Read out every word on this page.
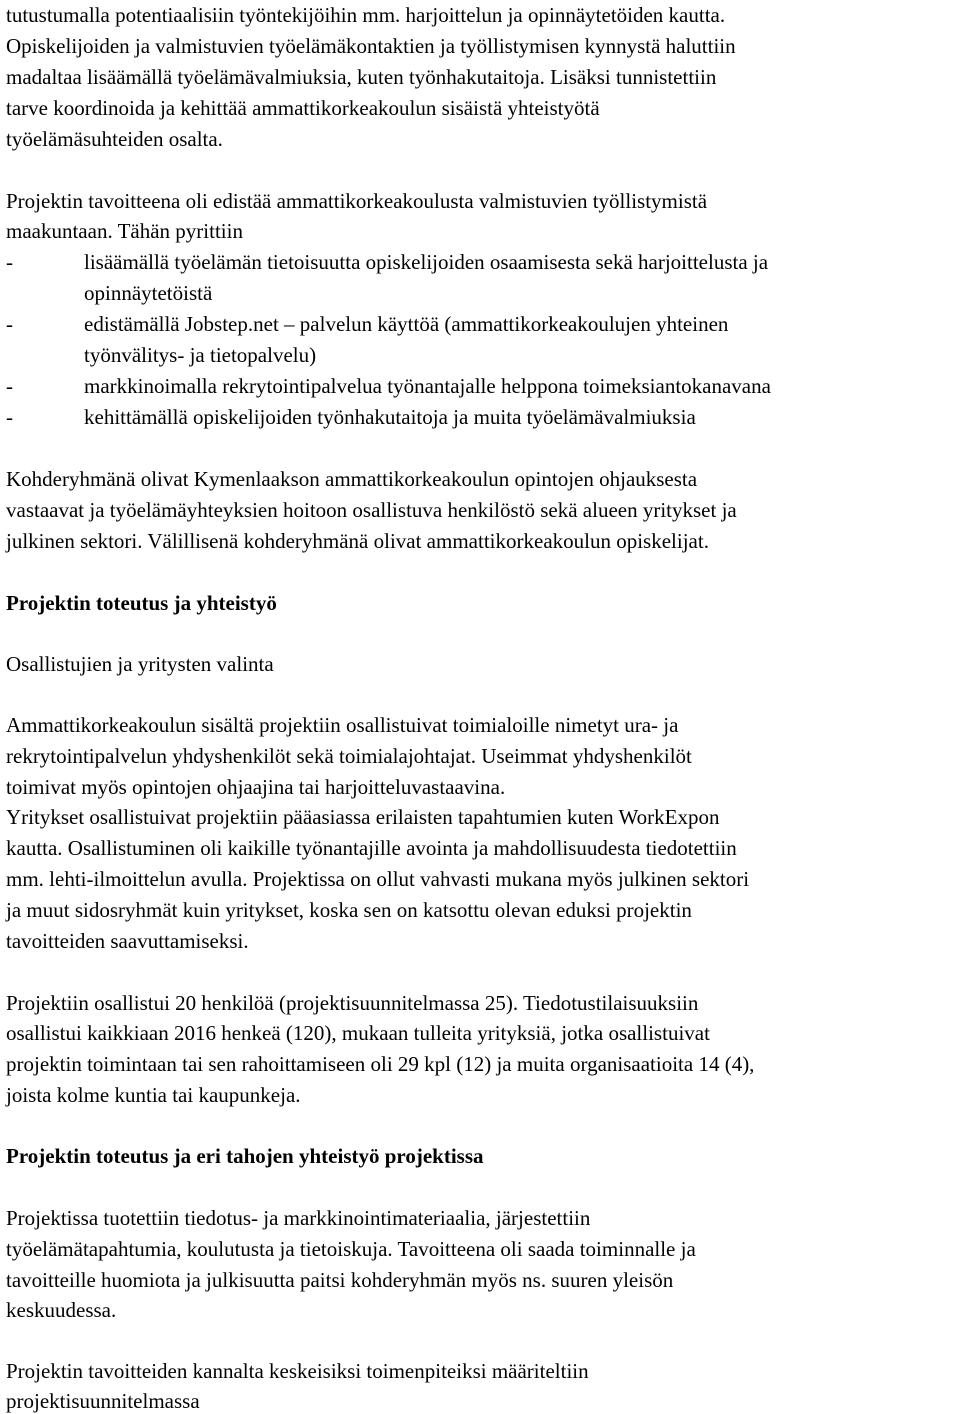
tutustumalla potentiaalisiin työntekijöihin mm. harjoittelun ja opinnäytetöiden kautta.
Opiskelijoiden ja valmistuvien työelämäkontaktien ja työllistymisen kynnystä haluttiin
madaltaa lisäämällä työelämävalmiuksia, kuten työnhakutaitoja. Lisäksi tunnistettiin
tarve koordinoida ja kehittää ammattikorkeakoulun sisäistä yhteistyötä
työelämäsuhteiden osalta.
Projektin tavoitteena oli edistää ammattikorkeakoulusta valmistuvien työllistymistä
maakuntaan. Tähän pyrittiin
-	lisäämällä työelämän tietoisuutta opiskelijoiden osaamisesta sekä harjoittelusta ja
opinnäytetöistä
-	edistämällä Jobstep.net – palvelun käyttöä (ammattikorkeakoulujen yhteinen
työnvälitys- ja tietopalvelu)
-	markkinoimalla rekrytointipalvelua työnantajalle helppona toimeksiantokanavana
-	kehittämällä opiskelijoiden työnhakutaitoja ja muita työelämävalmiuksia
Kohderyhmänä olivat Kymenlaakson ammattikorkeakoulun opintojen ohjauksesta
vastaavat ja työelämäyhteyksien hoitoon osallistuva henkilöstö sekä alueen yritykset ja
julkinen sektori. Välillisenä kohderyhmänä olivat ammattikorkeakoulun opiskelijat.
Projektin toteutus ja yhteistyö
Osallistujien ja yritysten valinta
Ammattikorkeakoulun sisältä projektiin osallistuivat toimialoille nimetyt ura- ja
rekrytointipalvelun yhdyshenkilöt sekä toimialajohtajat. Useimmat yhdyshenkilöt
toimivat myös opintojen ohjaajina tai harjoitteluvastaavina.
Yritykset osallistuivat projektiin pääasiassa erilaisten tapahtumien kuten WorkExpon
kautta. Osallistuminen oli kaikille työnantajille avointa ja mahdollisuudesta tiedotettiin
mm. lehti-ilmoittelun avulla. Projektissa on ollut vahvasti mukana myös julkinen sektori
ja muut sidosryhmät kuin yritykset, koska sen on katsottu olevan eduksi projektin
tavoitteiden saavuttamiseksi.
Projektiin osallistui 20 henkilöä (projektisuunnitelmassa 25). Tiedotustilaisuuksiin
osallistui kaikkiaan 2016 henkeä (120), mukaan tulleita yrityksiä, jotka osallistuivat
projektin toimintaan tai sen rahoittamiseen oli 29 kpl (12) ja muita organisaatioita 14 (4),
joista kolme kuntia tai kaupunkeja.
Projektin toteutus ja eri tahojen yhteistyö projektissa
Projektissa tuotettiin tiedotus- ja markkinointimateriaalia, järjestettiin
työelämätapahtumia, koulutusta ja tietoiskuja. Tavoitteena oli saada toiminnalle ja
tavoitteille huomiota ja julkisuutta paitsi kohderyhmän myös ns. suuren yleisön
keskuudessa.
Projektin tavoitteiden kannalta keskeisiksi toimenpiteiksi määriteltiin
projektisuunnitelmassa
